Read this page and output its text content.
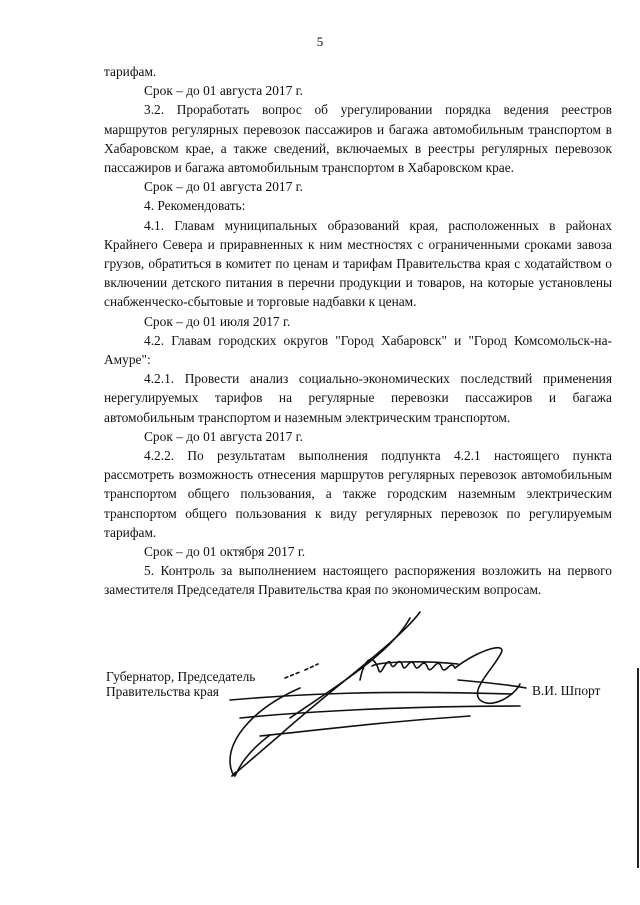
5

тарифам.

Срок – до 01 августа 2017 г.

3.2. Проработать вопрос об урегулировании порядка ведения реестров маршрутов регулярных перевозок пассажиров и багажа автомобильным транспортом в Хабаровском крае, а также сведений, включаемых в реестры регулярных перевозок пассажиров и багажа автомобильным транспортом в Хабаровском крае.

Срок – до 01 августа 2017 г.

4. Рекомендовать:

4.1. Главам муниципальных образований края, расположенных в районах Крайнего Севера и приравненных к ним местностях с ограниченными сроками завоза грузов, обратиться в комитет по ценам и тарифам Правительства края с ходатайством о включении детского питания в перечни продукции и товаров, на которые установлены снабженческо-сбытовые и торговые надбавки к ценам.

Срок – до 01 июля 2017 г.

4.2. Главам городских округов "Город Хабаровск" и "Город Комсомольск-на-Амуре":

4.2.1. Провести анализ социально-экономических последствий применения нерегулируемых тарифов на регулярные перевозки пассажиров и багажа автомобильным транспортом и наземным электрическим транспортом.

Срок – до 01 августа 2017 г.

4.2.2. По результатам выполнения подпункта 4.2.1 настоящего пункта рассмотреть возможность отнесения маршрутов регулярных перевозок автомобильным транспортом общего пользования, а также городским наземным электрическим транспортом общего пользования к виду регулярных перевозок по регулируемым тарифам.

Срок – до 01 октября 2017 г.

5. Контроль за выполнением настоящего распоряжения возложить на первого заместителя Председателя Правительства края по экономическим вопросам.

Губернатор, Председатель
Правительства края	В.И. Шпорт
